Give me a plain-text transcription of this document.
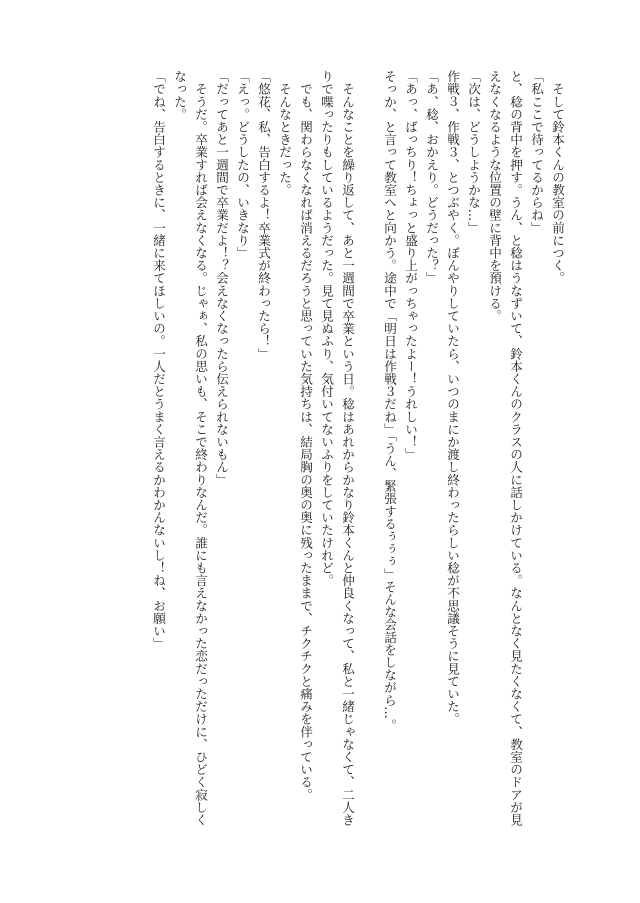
　そして鈴本くんの教室の前につく。

「私ここで待ってるからね」

と、稔の背中を押す。うん、と稔はうなずいて、鈴本くんのクラスの人に話しかけている。なんとなく見たくなくて、教室のドアが見えなくなるような位置の壁に背中を預ける。

「次は、どうしようかな…」

作戦３、作戦３、とつぶやく。ぼんやりしていたら、いつのまにか渡し終わったらしい稔が不思議そうに見ていた。

「あ、稔、おかえり。どうだった？」

「あっ、ばっちり！ちょっと盛り上がっちゃったよー！うれしい！」

そっか、と言って教室へと向かう。途中で「明日は作戦３だね」「うん、緊張するぅぅぅ」そんな会話をしながら…。

　そんなことを繰り返して、あと一週間で卒業という日。稔はあれからかなり鈴本くんと仲良くなって、私と一緒じゃなくて、二人きりで喋ったりもしているようだった。見て見ぬふり、気付いてないふりをしていたけれど。

　でも、関わらなくなれば消えるだろうと思っていた気持ちは、結局胸の奥の奥に残ったままで、チクチクと痛みを伴っている。

　そんなときだった。

「悠花、私、告白するよ！卒業式が終わったら！」

「えっ。どうしたの、いきなり」

「だってあと一週間で卒業だよ！？会えなくなったら伝えられないもん」

　そうだ。卒業すれば会えなくなる。じゃぁ、私の思いも、そこで終わりなんだ。誰にも言えなかった恋だっただけに、ひどく寂しくなった。

「でね、告白するときに、一緒に来てほしいの。一人だとうまく言えるかわかんないし！ね、お願い」
